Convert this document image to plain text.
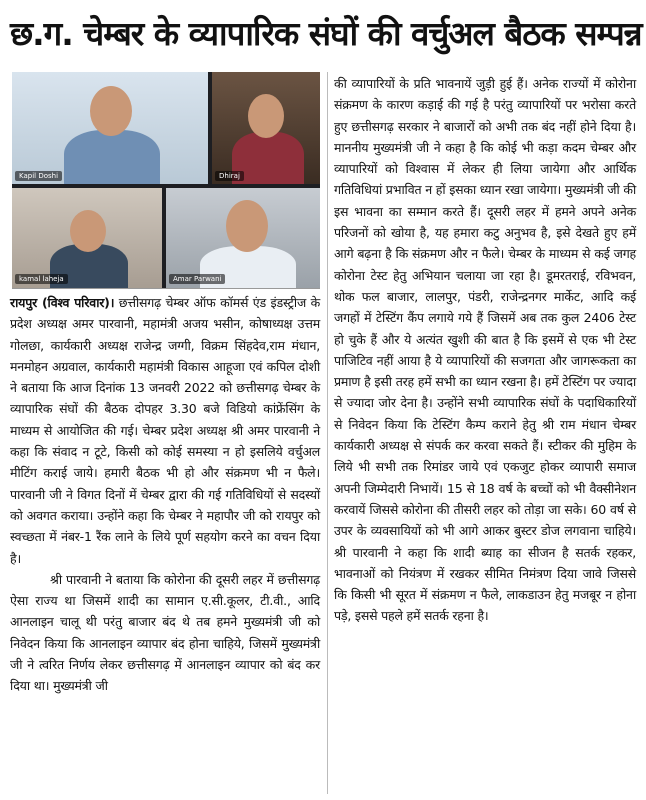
छ.ग. चेम्बर के व्यापारिक संघों की वर्चुअल बैठक सम्पन्न
Kapil Doshi	Dhiraj
kamal laheja	Amar Parwani

रायपुर (विश्व परिवार)। छत्तीसगढ़ चेम्बर ऑफ कॉमर्स एंड इंडस्ट्रीज के प्रदेश अध्यक्ष अमर पारवानी, महामंत्री अजय भसीन, कोषाध्यक्ष उत्तम गोलछा, कार्यकारी अध्यक्ष राजेन्द्र जग्गी, विक्रम सिंहदेव,राम मंधान, मनमोहन अग्रवाल, कार्यकारी महामंत्री विकास आहूजा एवं कपिल दोशी ने बताया कि आज दिनांक 13 जनवरी 2022 को छत्तीसगढ़ चेम्बर के व्यापारिक संघों की बैठक दोपहर 3.30 बजे विडियो कांफ्रेंसिंग के माध्यम से आयोजित की गई। चेम्बर प्रदेश अध्यक्ष श्री अमर पारवानी ने कहा कि संवाद न टूटे, किसी को कोई समस्या न हो इसलिये वर्चुअल मीटिंग कराई जाये। हमारी बैठक भी हो और संक्रमण भी न फैले। पारवानी जी ने विगत दिनों में चेम्बर द्वारा की गई गतिविधियों से सदस्यों को अवगत कराया। उन्होंने कहा कि चेम्बर ने महापौर जी को रायपुर को स्वच्छता में नंबर-1 रैंक लाने के लिये पूर्ण सहयोग करने का वचन दिया है।

श्री पारवानी ने बताया कि कोरोना की दूसरी लहर में छत्तीसगढ़ ऐसा राज्य था जिसमें शादी का सामान ए.सी.कूलर, टी.वी., आदि आनलाइन चालू थी परंतु बाजार बंद थे तब हमने मुख्यमंत्री जी को निवेदन किया कि आनलाइन व्यापार बंद होना चाहिये, जिसमें मुख्यमंत्री जी ने त्वरित निर्णय लेकर छत्तीसगढ़ में आनलाइन व्यापार को बंद कर दिया था। मुख्यमंत्री जी

की व्यापारियों के प्रति भावनायें जुड़ी हुई हैं। अनेक राज्यों में कोरोना संक्रमण के कारण कड़ाई की गई है परंतु व्यापारियों पर भरोसा करते हुए छत्तीसगढ़ सरकार ने बाजारों को अभी तक बंद नहीं होने दिया है। माननीय मुख्यमंत्री जी ने कहा है कि कोई भी कड़ा कदम चेम्बर और व्यापारियों को विश्वास में लेकर ही लिया जायेगा और आर्थिक गतिविधियां प्रभावित न हों इसका ध्यान रखा जायेगा। मुख्यमंत्री जी की इस भावना का सम्मान करते हैं। दूसरी लहर में हमने अपने अनेक परिजनों को खोया है, यह हमारा कटु अनुभव है, इसे देखते हुए हमें आगे बढ़ना है कि संक्रमण और न फैले। चेम्बर के माध्यम से कई जगह कोरोना टेस्ट हेतु अभियान चलाया जा रहा है। डूमरतराई, रविभवन, थोक फल बाजार, लालपुर, पंडरी, राजेन्द्रनगर मार्केट, आदि कई जगहों में टेस्टिंग कैंप लगाये गये हैं जिसमें अब तक कुल 2406 टेस्ट हो चुके हैं और ये अत्यंत खुशी की बात है कि इसमें से एक भी टेस्ट पाजिटिव नहीं आया है ये व्यापारियों की सजगता और जागरूकता का प्रमाण है इसी तरह हमें सभी का ध्यान रखना है। हमें टेस्टिंग पर ज्यादा से ज्यादा जोर देना है। उन्होंने सभी व्यापारिक संघों के पदाधिकारियों से निवेदन किया कि टेस्टिंग कैम्प कराने हेतु श्री राम मंधान चेम्बर कार्यकारी अध्यक्ष से संपर्क कर करवा सकते हैं। स्टीकर की मुहिम के लिये भी सभी तक रिमांडर जाये एवं एकजुट होकर व्यापारी समाज अपनी जिम्मेदारी निभायें। 15 से 18 वर्ष के बच्चों को भी वैक्सीनेशन करवायें जिससे कोरोना की तीसरी लहर को तोड़ा जा सके। 60 वर्ष से उपर के व्यवसायियों को भी आगे आकर बुस्टर डोज लगवाना चाहिये। श्री पारवानी ने कहा कि शादी ब्याह का सीजन है सतर्क रहकर, भावनाओं को नियंत्रण में रखकर सीमित निमंत्रण दिया जावे जिससे कि किसी भी सूरत में संक्रमण न फैले, लाकडाउन हेतु मजबूर न होना पड़े, इससे पहले हमें सतर्क रहना है।
